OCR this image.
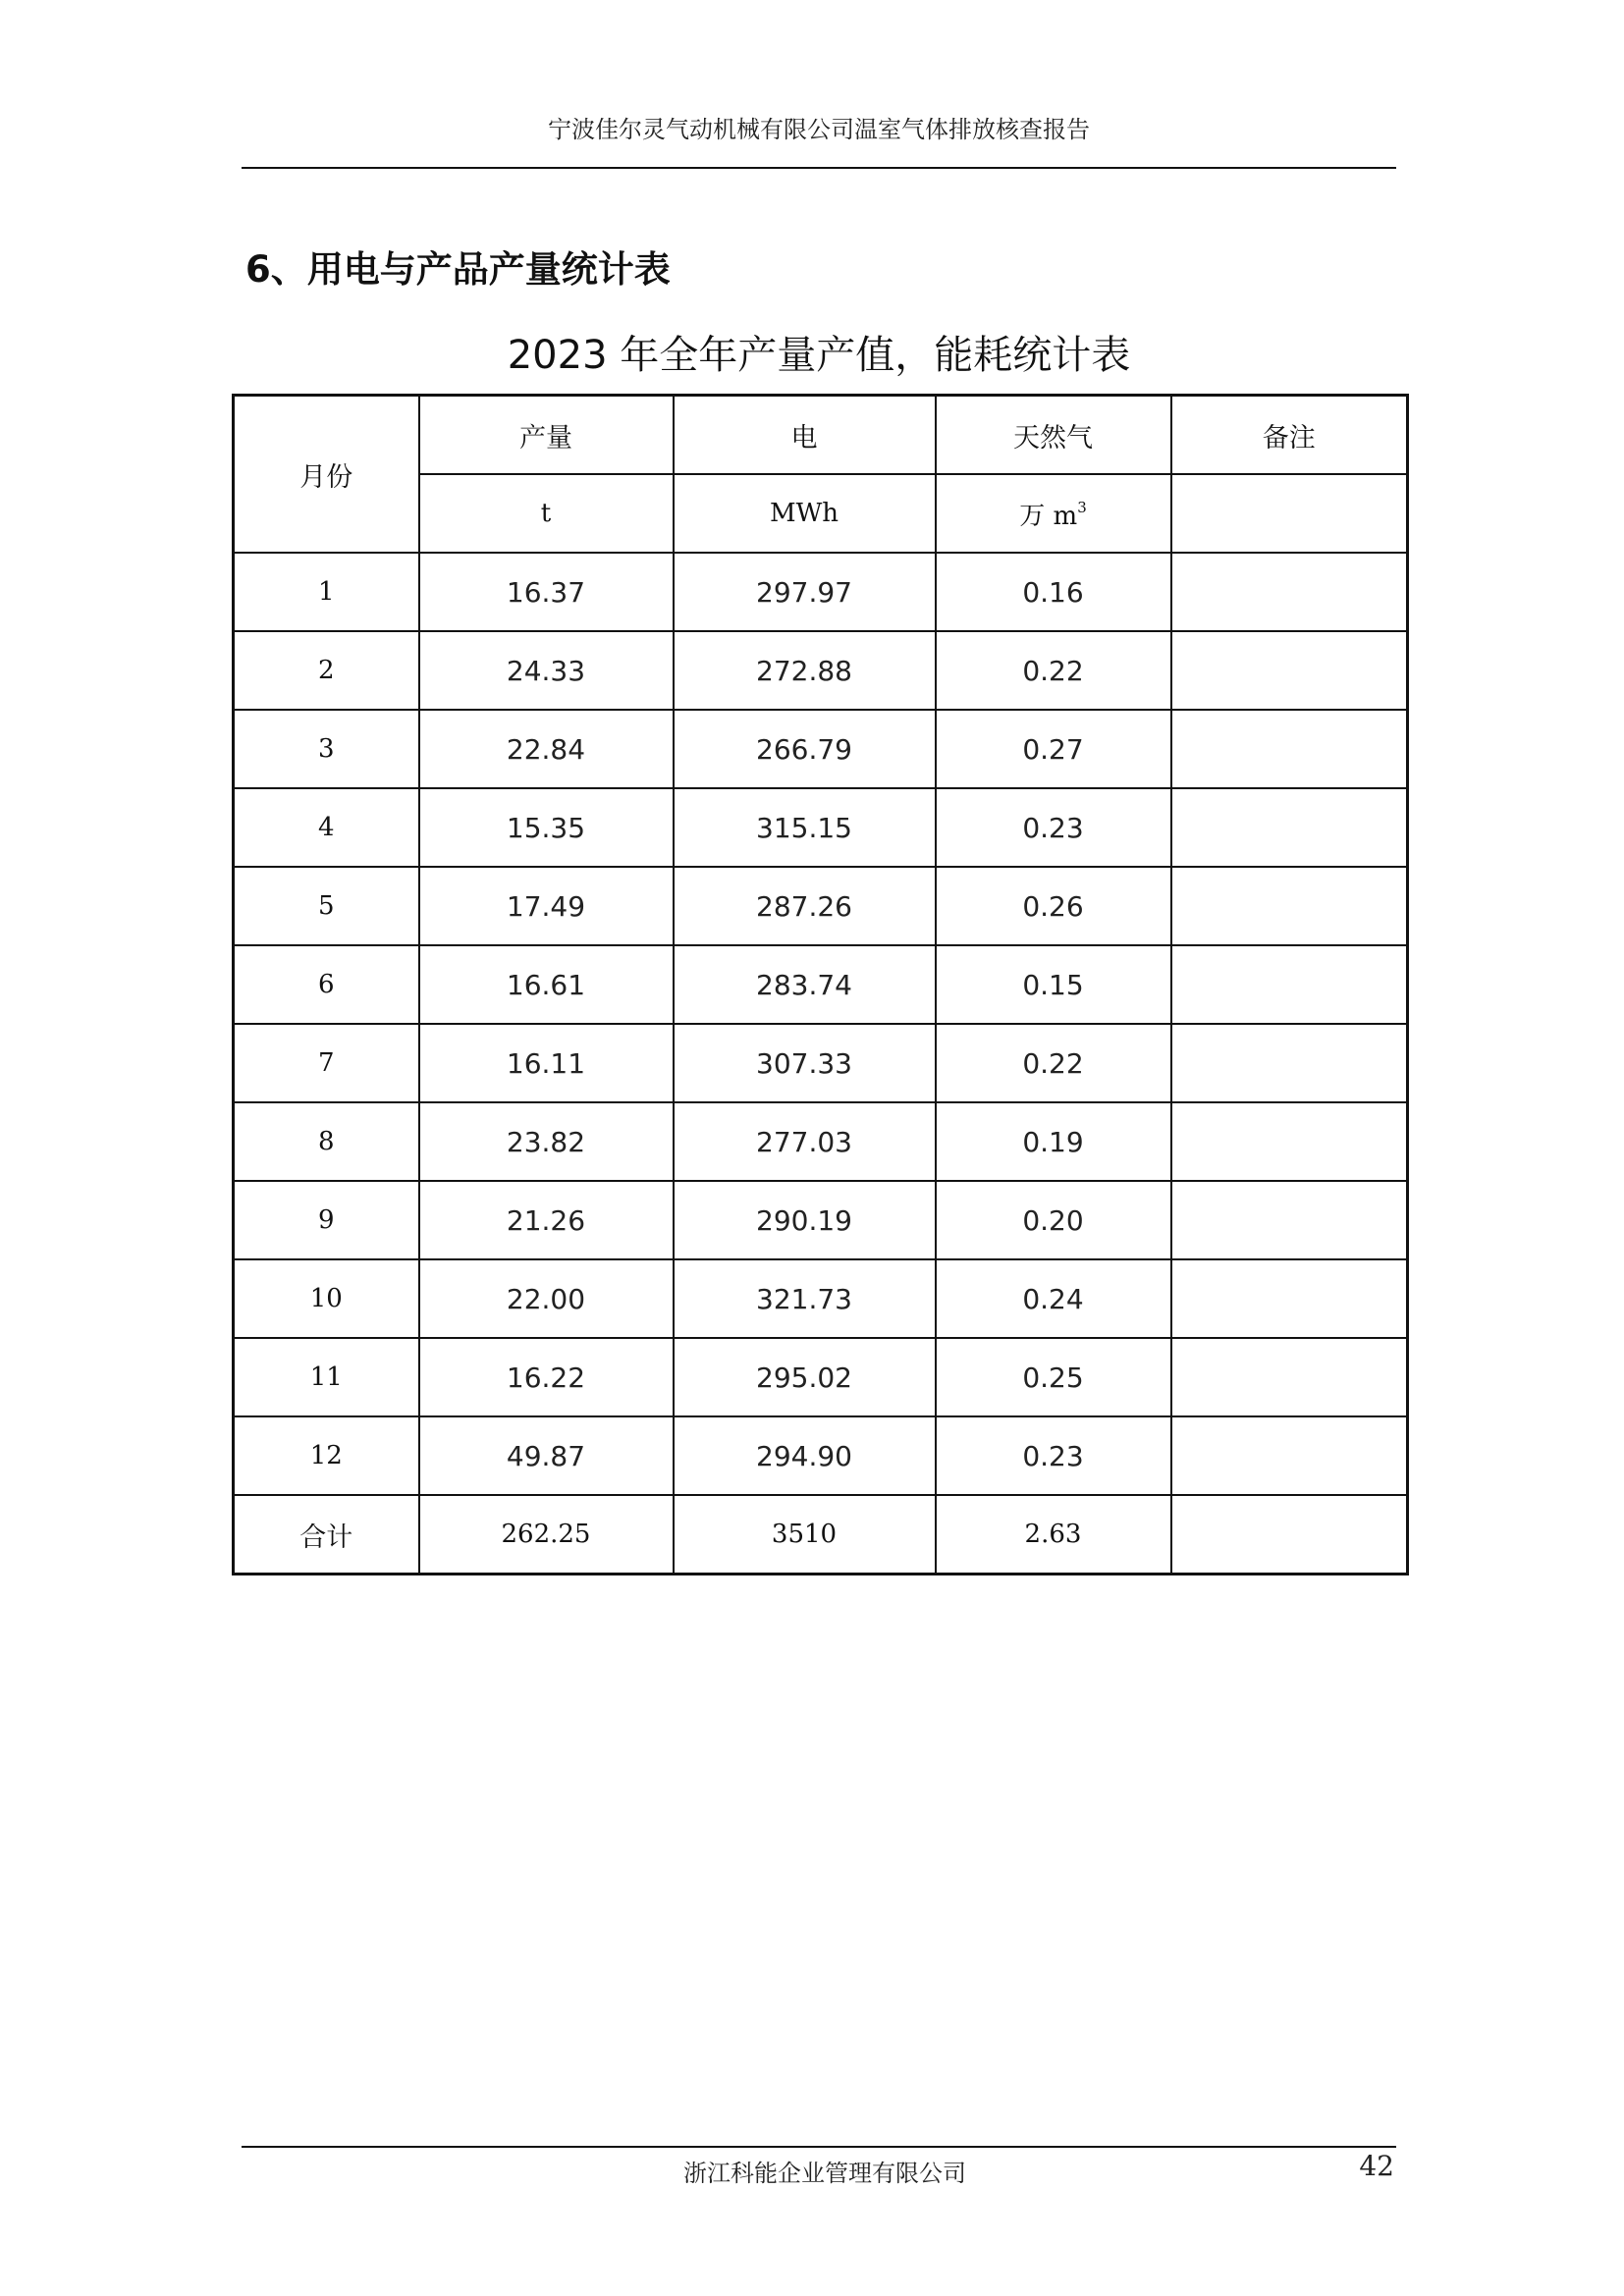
宁波佳尔灵气动机械有限公司温室气体排放核查报告
6、用电与产品产量统计表
2023 年全年产量产值，能耗统计表
月份	产量	电	天然气	备注
	t	MWh	万 $m^3$	
1	16.37	297.97	0.16	
2	24.33	272.88	0.22	
3	22.84	266.79	0.27	
4	15.35	315.15	0.23	
5	17.49	287.26	0.26	
6	16.61	283.74	0.15	
7	16.11	307.33	0.22	
8	23.82	277.03	0.19	
9	21.26	290.19	0.20	
10	22.00	321.73	0.24	
11	16.22	295.02	0.25	
12	49.87	294.90	0.23	
合计	262.25	3510	2.63	
浙江科能企业管理有限公司	42
